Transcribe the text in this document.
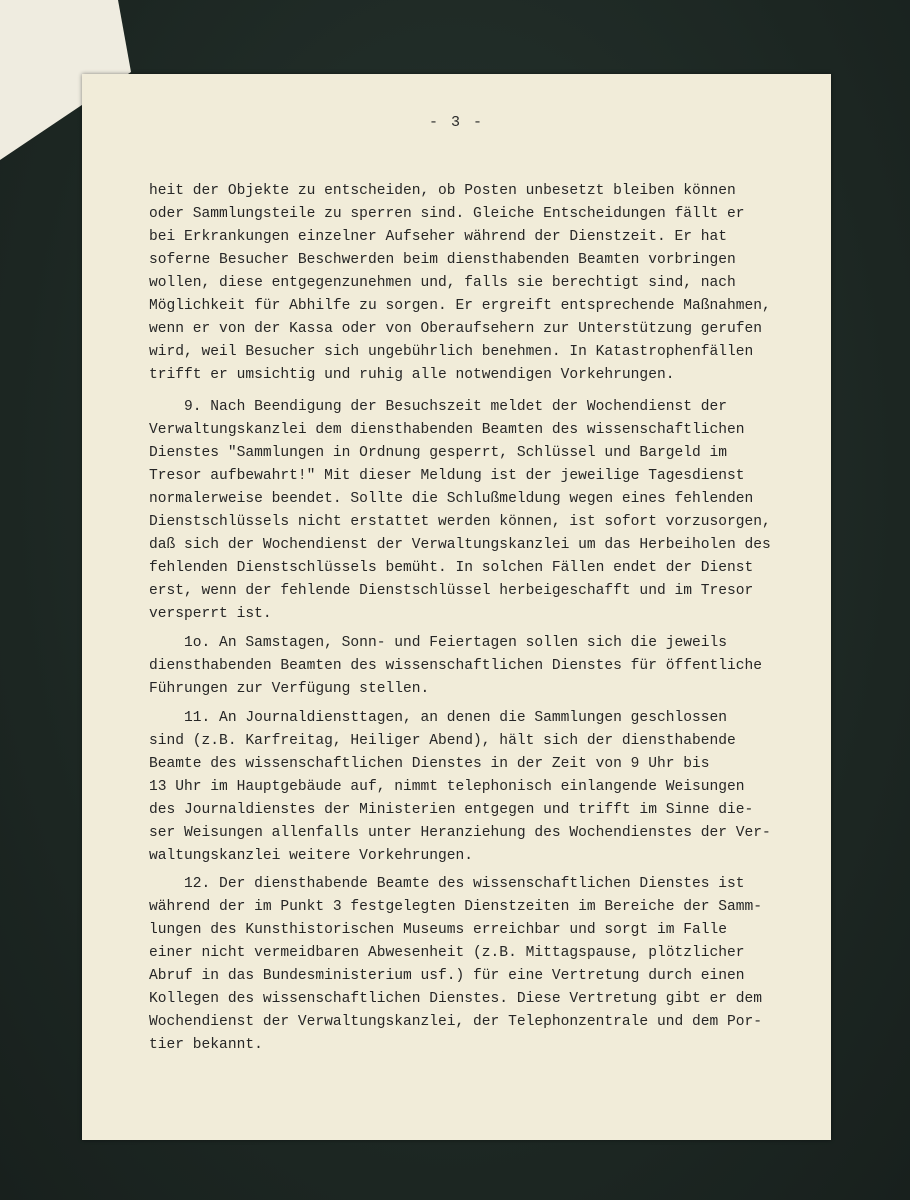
- 3 -
heit der Objekte zu entscheiden, ob Posten unbesetzt bleiben können
oder Sammlungsteile zu sperren sind. Gleiche Entscheidungen fällt er
bei Erkrankungen einzelner Aufseher während der Dienstzeit. Er hat
soferne Besucher Beschwerden beim diensthabenden Beamten vorbringen
wollen, diese entgegenzunehmen und, falls sie berechtigt sind, nach
Möglichkeit für Abhilfe zu sorgen. Er ergreift entsprechende Maßnahmen,
wenn er von der Kassa oder von Oberaufsehern zur Unterstützung gerufen
wird, weil Besucher sich ungebührlich benehmen. In Katastrophenfällen
trifft er umsichtig und ruhig alle notwendigen Vorkehrungen.
9. Nach Beendigung der Besuchszeit meldet der Wochendienst der
Verwaltungskanzlei dem diensthabenden Beamten des wissenschaftlichen
Dienstes "Sammlungen in Ordnung gesperrt, Schlüssel und Bargeld im
Tresor aufbewahrt!" Mit dieser Meldung ist der jeweilige Tagesdienst
normalerweise beendet. Sollte die Schlußmeldung wegen eines fehlenden
Dienstschlüssels nicht erstattet werden können, ist sofort vorzusorgen,
daß sich der Wochendienst der Verwaltungskanzlei um das Herbeiholen des
fehlenden Dienstschlüssels bemüht. In solchen Fällen endet der Dienst
erst, wenn der fehlende Dienstschlüssel herbeigeschafft und im Tresor
versperrt ist.
1o. An Samstagen, Sonn- und Feiertagen sollen sich die jeweils
diensthabenden Beamten des wissenschaftlichen Dienstes für öffentliche
Führungen zur Verfügung stellen.
11. An Journaldiensttagen, an denen die Sammlungen geschlossen
sind (z.B. Karfreitag, Heiliger Abend), hält sich der diensthabende
Beamte des wissenschaftlichen Dienstes in der Zeit von 9 Uhr bis
13 Uhr im Hauptgebäude auf, nimmt telephonisch einlangende Weisungen
des Journaldienstes der Ministerien entgegen und trifft im Sinne die-
ser Weisungen allenfalls unter Heranziehung des Wochendienstes der Ver-
waltungskanzlei weitere Vorkehrungen.
12. Der diensthabende Beamte des wissenschaftlichen Dienstes ist
während der im Punkt 3 festgelegten Dienstzeiten im Bereiche der Samm-
lungen des Kunsthistorischen Museums erreichbar und sorgt im Falle
einer nicht vermeidbaren Abwesenheit (z.B. Mittagspause, plötzlicher
Abruf in das Bundesministerium usf.) für eine Vertretung durch einen
Kollegen des wissenschaftlichen Dienstes. Diese Vertretung gibt er dem
Wochendienst der Verwaltungskanzlei, der Telephonzentrale und dem Por-
tier bekannt.
